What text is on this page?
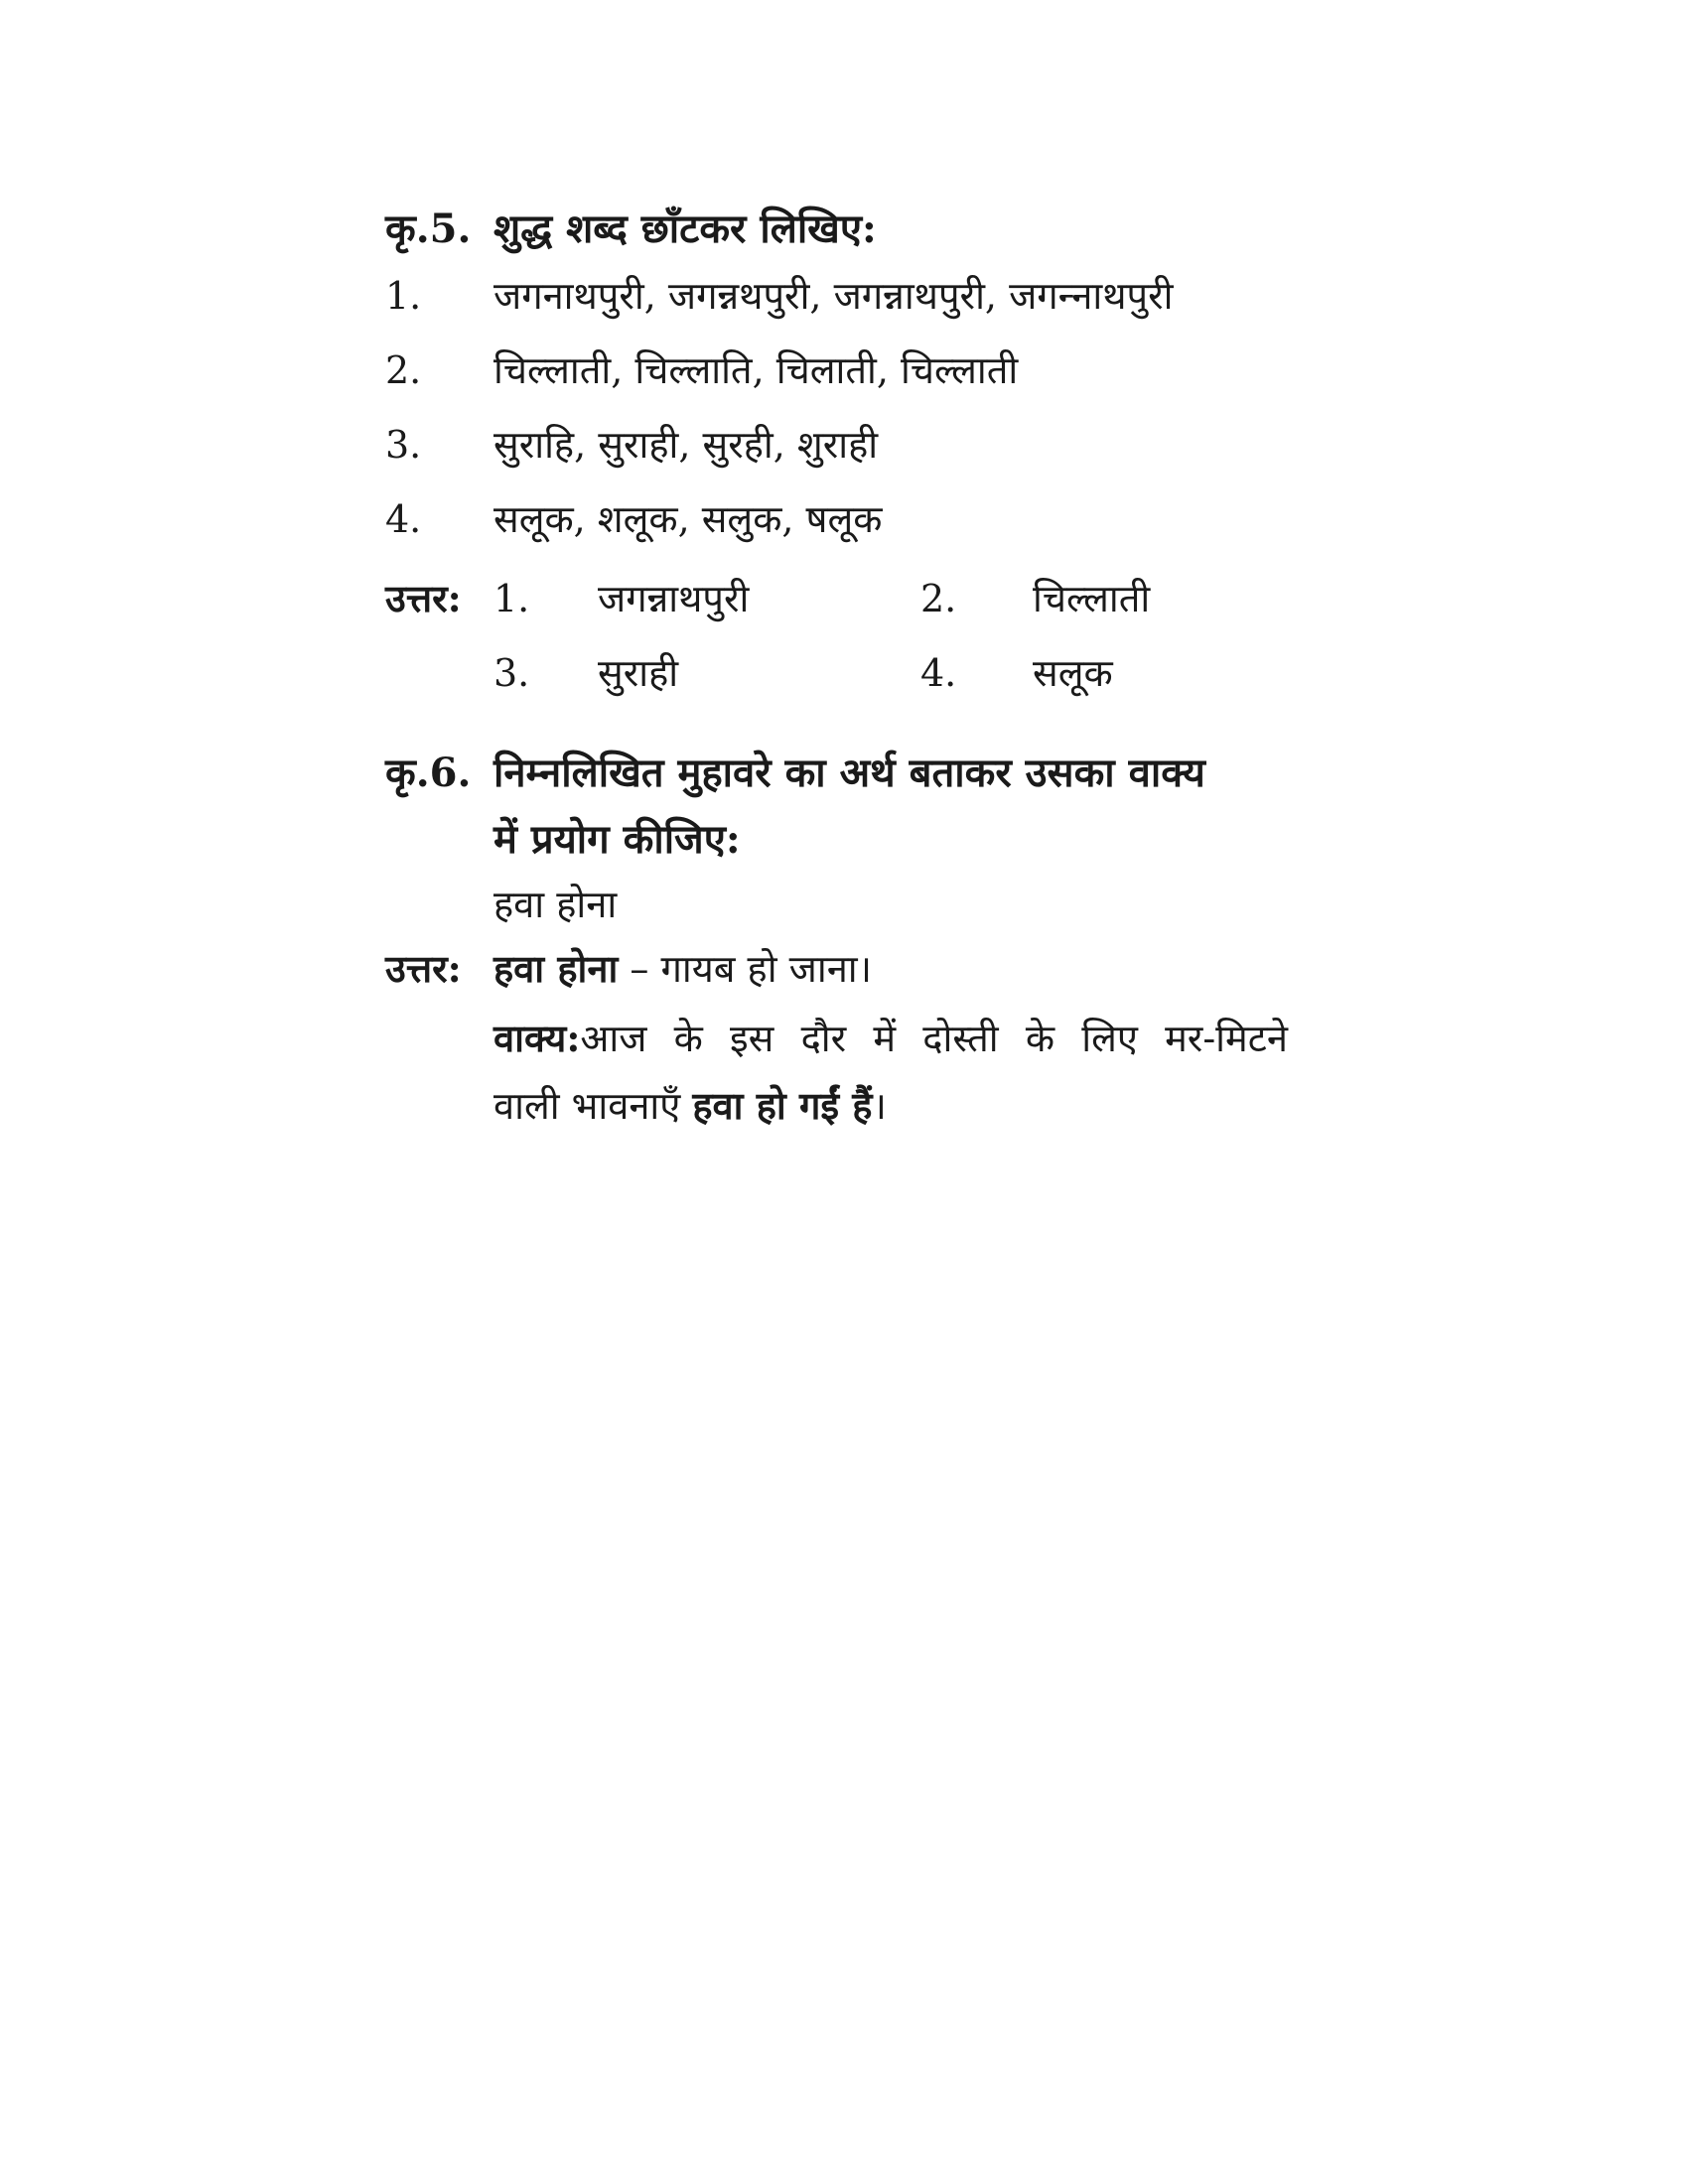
कृ.5. शुद्ध शब्द छाँटकर लिखिए:
1. जगनाथपुरी, जगन्नथपुरी, जगन्नाथपुरी, जगन्‍नाथपुरी
2. चिल्‍लाती, चिल्लाति, चिलाती, चिल्लाती
3. सुराहि, सुराही, सुरही, शुराही
4. सलूक, शलूक, सलुक, षलूक
उत्तर: 1. जगन्नाथपुरी	2. चिल्लाती
3. सुराही	4. सलूक
कृ.6. निम्नलिखित मुहावरे का अर्थ बताकर उसका वाक्य
में प्रयोग कीजिए:
हवा होना
उत्तर: हवा होना – गायब हो जाना।
वाक्य:आज के इस दौर में दोस्ती के लिए मर-मिटने
वाली भावनाएँ हवा हो गईं हैं।
